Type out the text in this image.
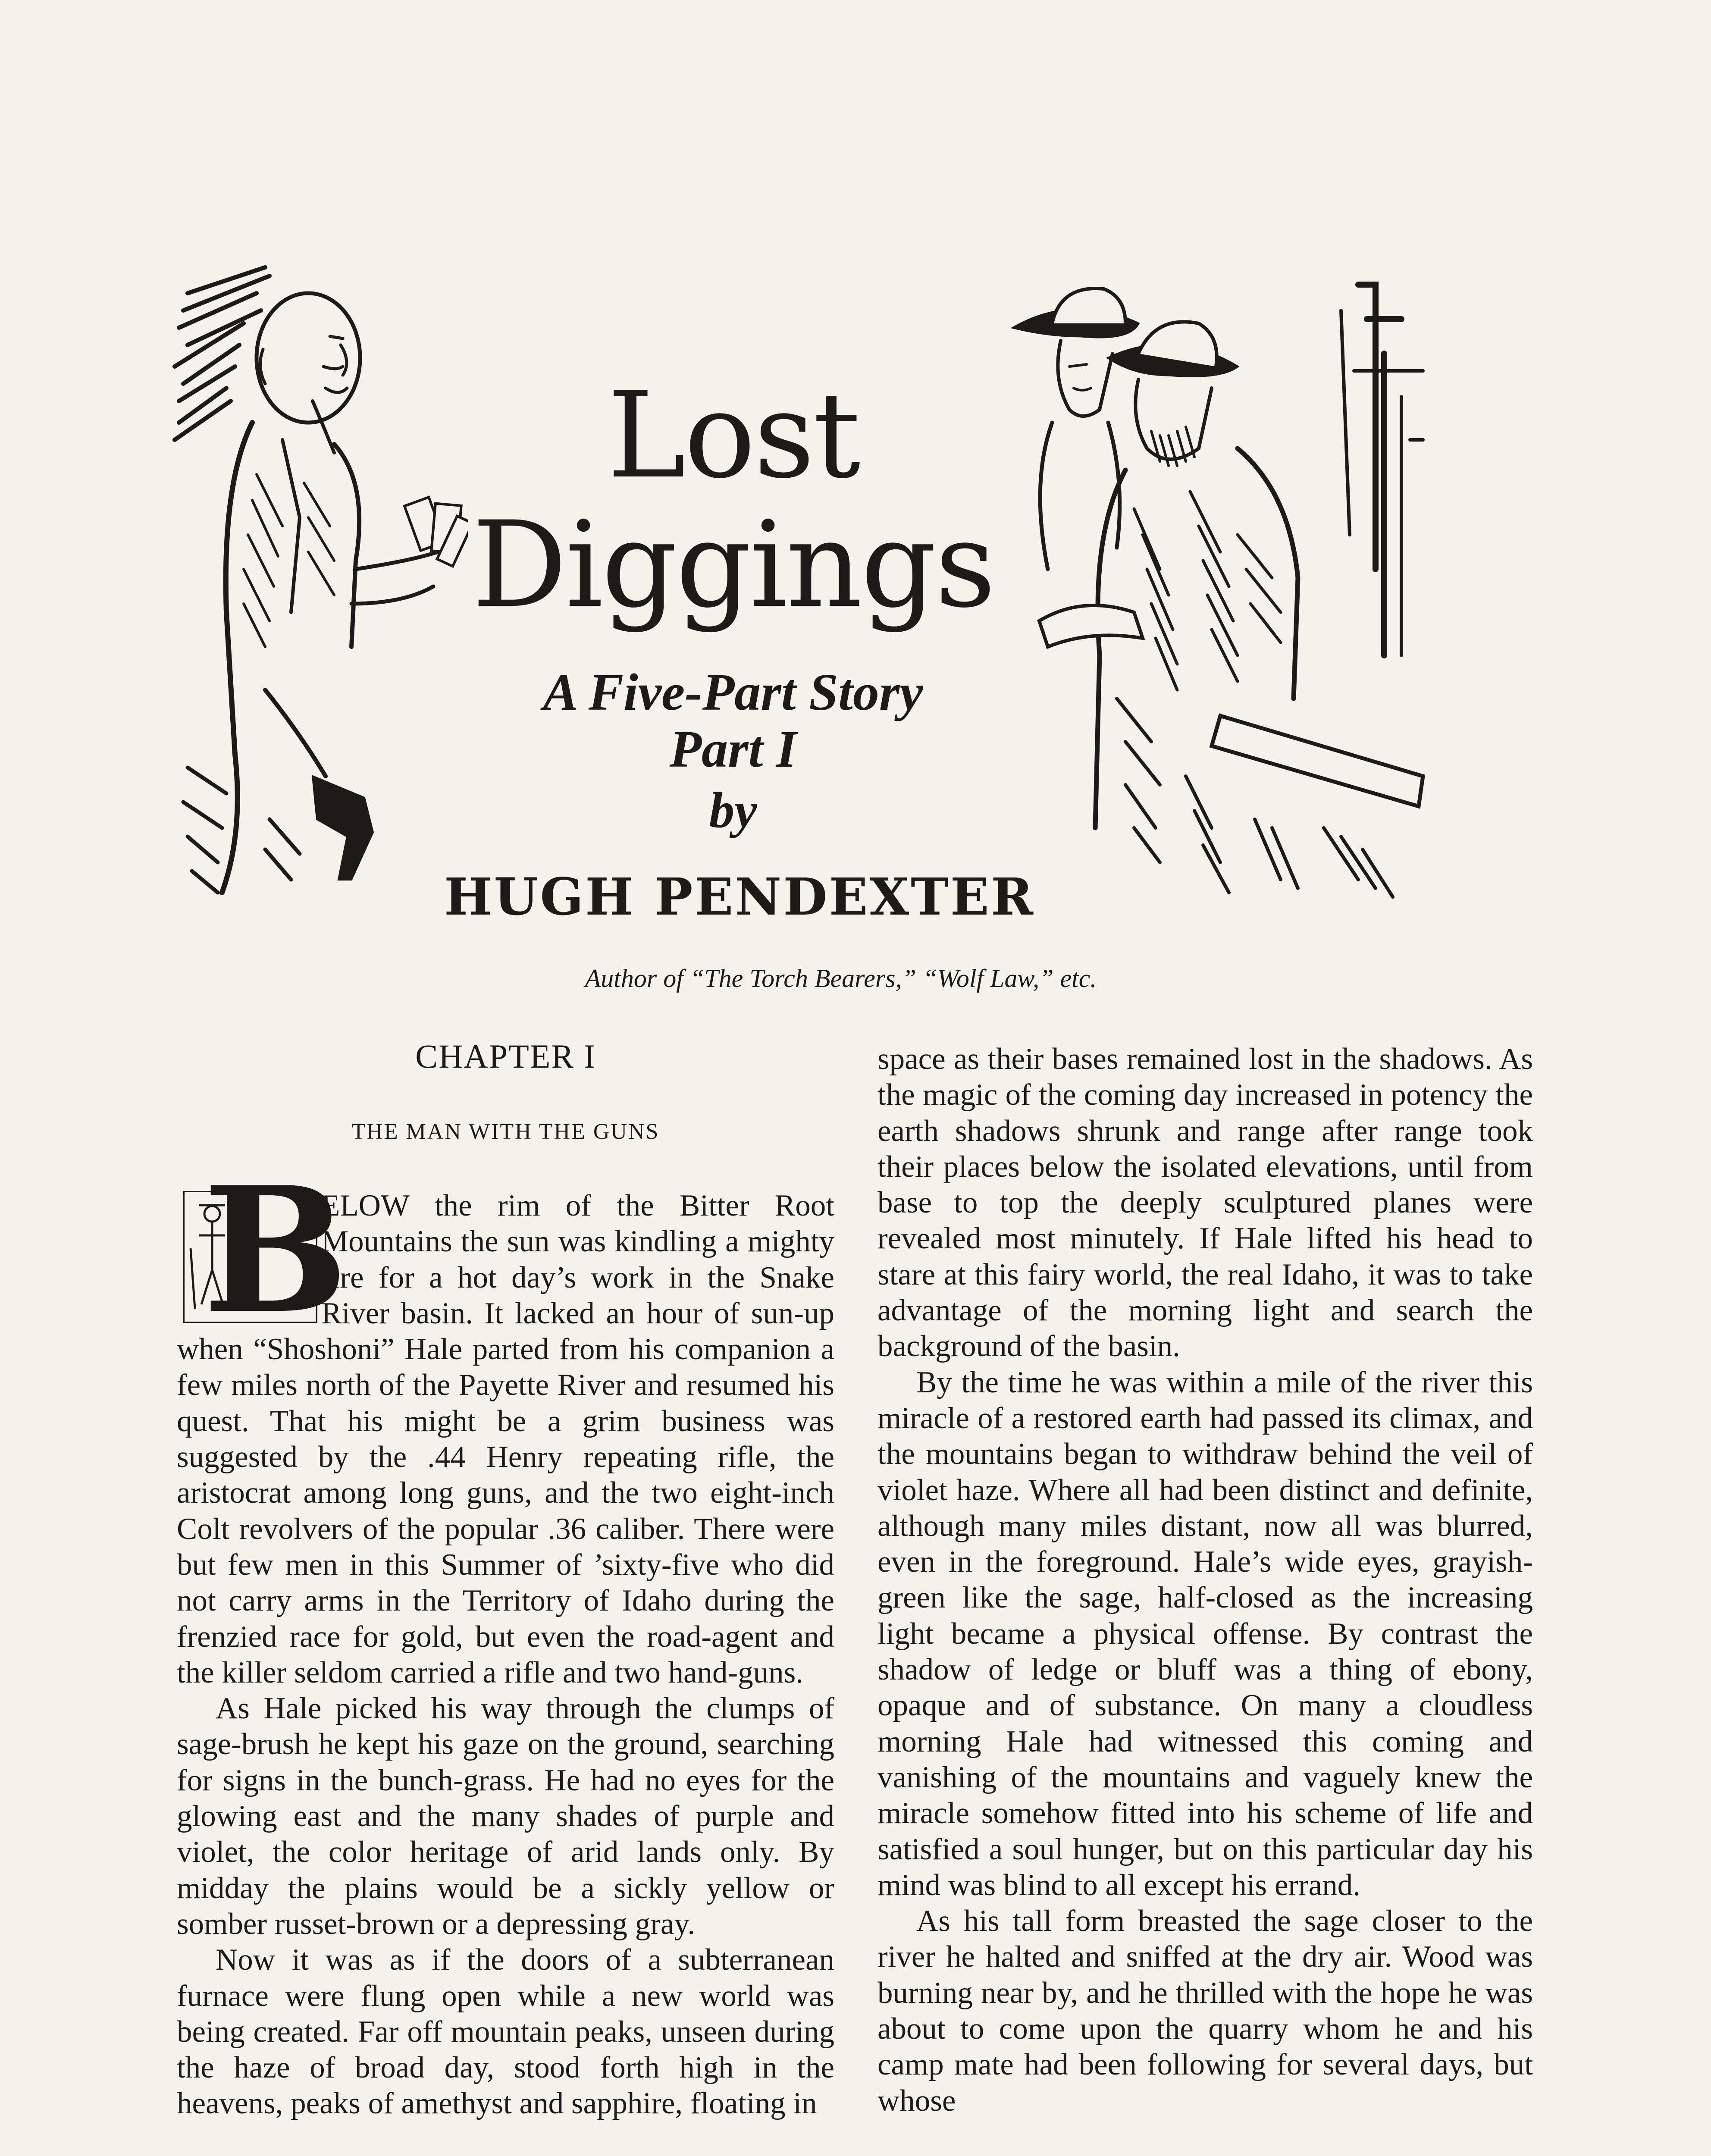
Lost
Diggings
A Five-Part Story
Part I
by
HUGH PENDEXTER
Author of “The Torch Bearers,” “Wolf Law,” etc.
CHAPTER I
THE MAN WITH THE GUNS
B

ELOW the rim of the Bitter Root Mountains the sun was kindling a mighty fire for a hot day’s work in the Snake River basin. It lacked an hour of sun-up when “Shoshoni” Hale parted from his companion a few miles north of the Payette River and resumed his quest. That his might be a grim business was suggested by the .44 Henry repeating rifle, the aristocrat among long guns, and the two eight-inch Colt revolvers of the popular .36 caliber. There were but few men in this Summer of ’sixty-five who did not carry arms in the Territory of Idaho during the frenzied race for gold, but even the road-agent and the killer seldom carried a rifle and two hand-guns.

As Hale picked his way through the clumps of sage-brush he kept his gaze on the ground, searching for signs in the bunch-grass. He had no eyes for the glowing east and the many shades of purple and violet, the color heritage of arid lands only. By midday the plains would be a sickly yellow or somber russet-brown or a depressing gray.

Now it was as if the doors of a subterranean furnace were flung open while a new world was being created. Far off mountain peaks, unseen during the haze of broad day, stood forth high in the heavens, peaks of amethyst and sapphire, floating in

space as their bases remained lost in the shadows. As the magic of the coming day increased in potency the earth shadows shrunk and range after range took their places below the isolated elevations, until from base to top the deeply sculptured planes were revealed most minutely. If Hale lifted his head to stare at this fairy world, the real Idaho, it was to take advantage of the morning light and search the background of the basin.

By the time he was within a mile of the river this miracle of a restored earth had passed its climax, and the mountains began to withdraw behind the veil of violet haze. Where all had been distinct and definite, although many miles distant, now all was blurred, even in the foreground. Hale’s wide eyes, grayish-green like the sage, half-closed as the increasing light became a physical offense. By contrast the shadow of ledge or bluff was a thing of ebony, opaque and of substance. On many a cloudless morning Hale had witnessed this coming and vanishing of the mountains and vaguely knew the miracle somehow fitted into his scheme of life and satisfied a soul hunger, but on this particular day his mind was blind to all except his errand.

As his tall form breasted the sage closer to the river he halted and sniffed at the dry air. Wood was burning near by, and he thrilled with the hope he was about to come upon the quarry whom he and his camp mate had been following for several days, but whose
